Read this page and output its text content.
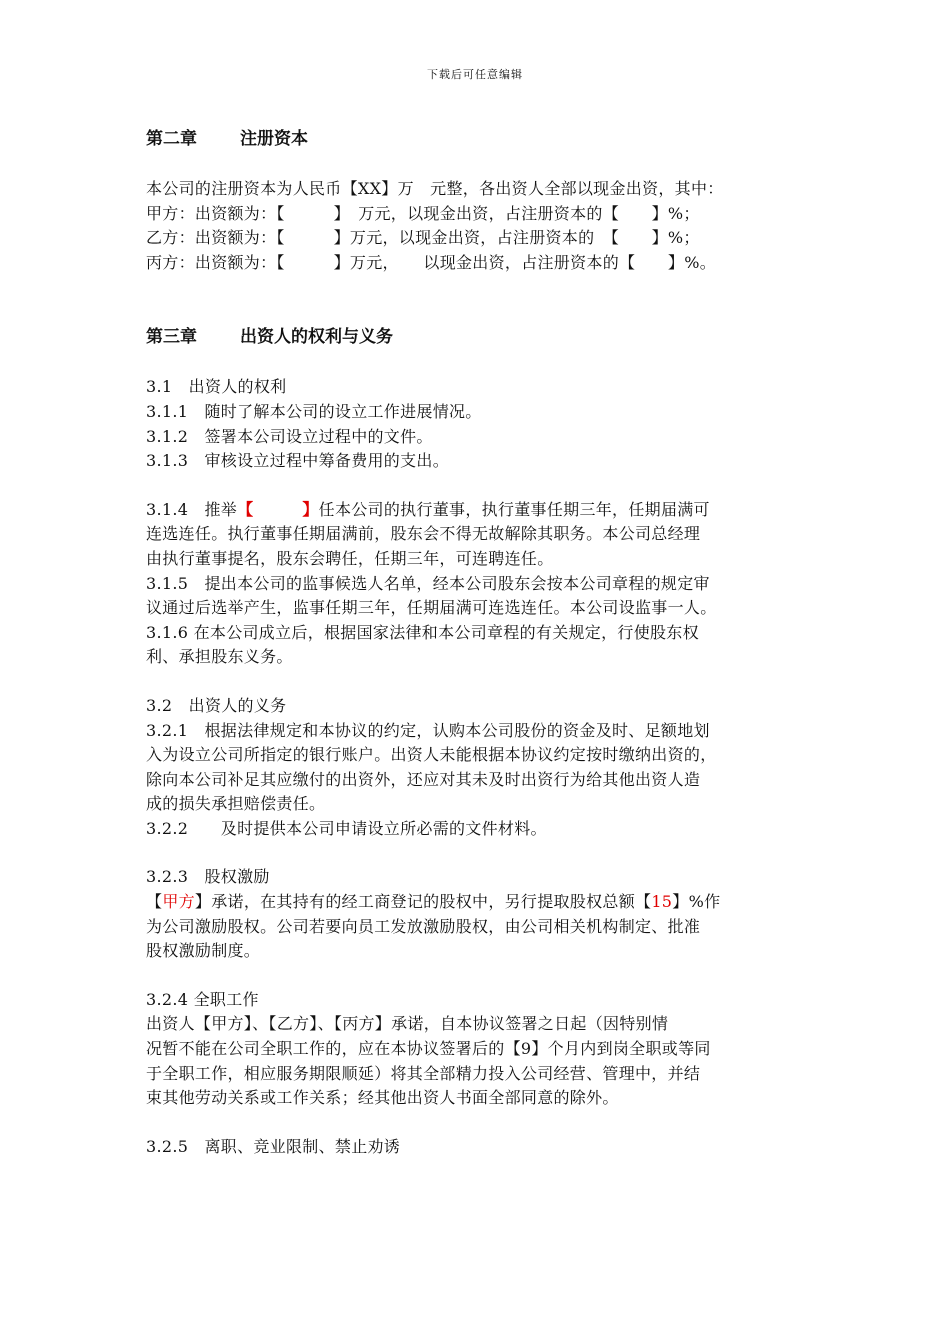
下载后可任意编辑
第二章	注册资本
本公司的注册资本为人民币【XX】万　元整，各出资人全部以现金出资，其中：
甲方：出资额为：【　　　】　万元，以现金出资，占注册资本的【　　】%；
乙方：出资额为：【　　　】万元，以现金出资，占注册资本的　【　　】%；
丙方：出资额为：【　　　】万元，　　以现金出资，占注册资本的【　　】%。
第三章	出资人的权利与义务
3.1　出资人的权利
3.1.1　随时了解本公司的设立工作进展情况。
3.1.2　签署本公司设立过程中的文件。
3.1.3　审核设立过程中筹备费用的支出。
3.1.4　推举【　　　】任本公司的执行董事，执行董事任期三年，任期届满可
连选连任。执行董事任期届满前，股东会不得无故解除其职务。本公司总经理
由执行董事提名，股东会聘任，任期三年，可连聘连任。
3.1.5　提出本公司的监事候选人名单，经本公司股东会按本公司章程的规定审
议通过后选举产生，监事任期三年，任期届满可连选连任。本公司设监事一人。
3.1.6 在本公司成立后，根据国家法律和本公司章程的有关规定，行使股东权
利、承担股东义务。
3.2　出资人的义务
3.2.1　根据法律规定和本协议的约定，认购本公司股份的资金及时、足额地划
入为设立公司所指定的银行账户。出资人未能根据本协议约定按时缴纳出资的，
除向本公司补足其应缴付的出资外，还应对其未及时出资行为给其他出资人造
成的损失承担赔偿责任。
3.2.2　　及时提供本公司申请设立所必需的文件材料。
3.2.3　股权激励
【甲方】承诺，在其持有的经工商登记的股权中，另行提取股权总额【15】%作
为公司激励股权。公司若要向员工发放激励股权，由公司相关机构制定、批准
股权激励制度。
3.2.4 全职工作
出资人【甲方】、【乙方】、【丙方】承诺，自本协议签署之日起（因特别情
况暂不能在公司全职工作的，应在本协议签署后的【9】个月内到岗全职或等同
于全职工作，相应服务期限顺延）将其全部精力投入公司经营、管理中，并结
束其他劳动关系或工作关系；经其他出资人书面全部同意的除外。
3.2.5　离职、竞业限制、禁止劝诱
